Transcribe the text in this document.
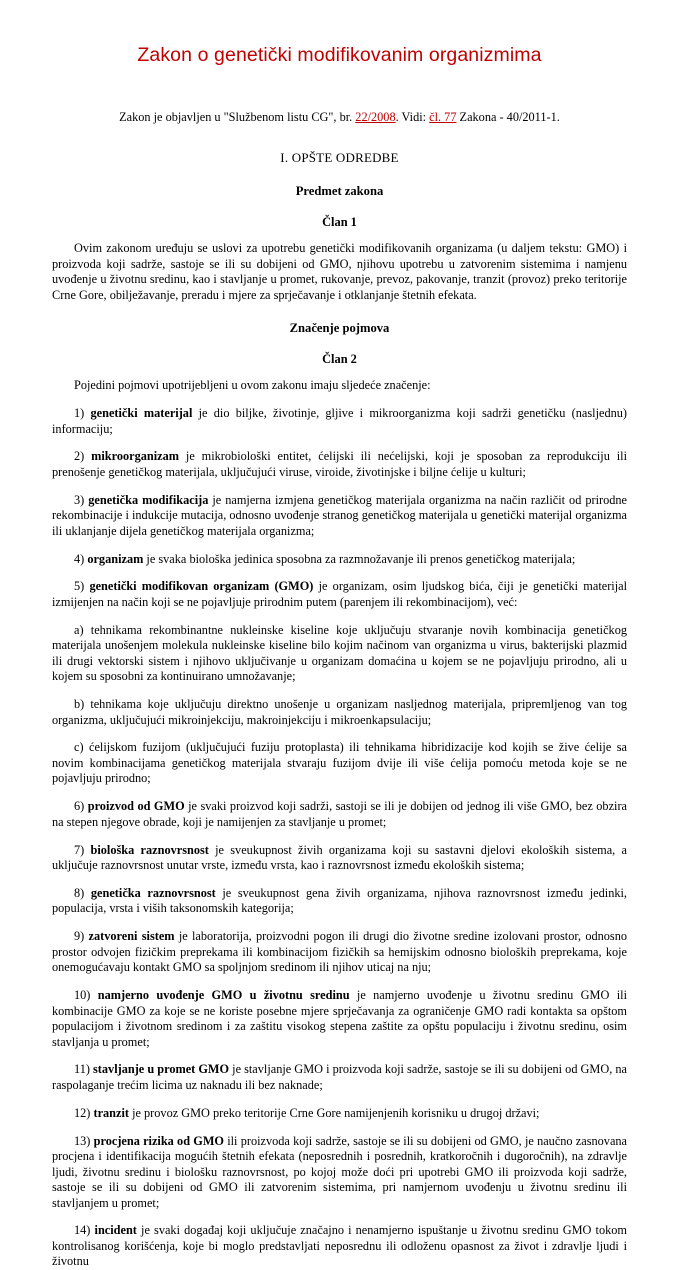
Zakon o genetički modifikovanim organizmima
Zakon je objavljen u "Službenom listu CG", br. 22/2008. Vidi: čl. 77 Zakona - 40/2011-1.
I. OPŠTE ODREDBE
Predmet zakona
Član 1

Ovim zakonom uređuju se uslovi za upotrebu genetički modifikovanih organizama (u daljem tekstu: GMO) i proizvoda koji sadrže, sastoje se ili su dobijeni od GMO, njihovu upotrebu u zatvorenim sistemima i namjenu uvođenje u životnu sredinu, kao i stavljanje u promet, rukovanje, prevoz, pakovanje, tranzit (provoz) preko teritorije Crne Gore, obilježavanje, preradu i mjere za sprječavanje i otklanjanje štetnih efekata.

Značenje pojmova
Član 2

Pojedini pojmovi upotrijebljeni u ovom zakonu imaju sljedeće značenje:

1) genetički materijal je dio biljke, životinje, gljive i mikroorganizma koji sadrži genetičku (nasljednu) informaciju;

2) mikroorganizam je mikrobiološki entitet, ćelijski ili nećelijski, koji je sposoban za reprodukciju ili prenošenje genetičkog materijala, uključujući viruse, viroide, životinjske i biljne ćelije u kulturi;

3) genetička modifikacija je namjerna izmjena genetičkog materijala organizma na način različit od prirodne rekombinacije i indukcije mutacija, odnosno uvođenje stranog genetičkog materijala u genetički materijal organizma ili uklanjanje dijela genetičkog materijala organizma;

4) organizam je svaka biološka jedinica sposobna za razmnožavanje ili prenos genetičkog materijala;

5) genetički modifikovan organizam (GMO) je organizam, osim ljudskog bića, čiji je genetički materijal izmijenjen na način koji se ne pojavljuje prirodnim putem (parenjem ili rekombinacijom), već:

a) tehnikama rekombinantne nukleinske kiseline koje uključuju stvaranje novih kombinacija genetičkog materijala unošenjem molekula nukleinske kiseline bilo kojim načinom van organizma u virus, bakterijski plazmid ili drugi vektorski sistem i njihovo uključivanje u organizam domaćina u kojem se ne pojavljuju prirodno, ali u kojem su sposobni za kontinuirano umnožavanje;

b) tehnikama koje uključuju direktno unošenje u organizam nasljednog materijala, pripremljenog van tog organizma, uključujući mikroinjekciju, makroinjekciju i mikroenkapsulaciju;

c) ćelijskom fuzijom (uključujući fuziju protoplasta) ili tehnikama hibridizacije kod kojih se žive ćelije sa novim kombinacijama genetičkog materijala stvaraju fuzijom dvije ili više ćelija pomoću metoda koje se ne pojavljuju prirodno;

6) proizvod od GMO je svaki proizvod koji sadrži, sastoji se ili je dobijen od jednog ili više GMO, bez obzira na stepen njegove obrade, koji je namijenjen za stavljanje u promet;

7) biološka raznovrsnost je sveukupnost živih organizama koji su sastavni djelovi ekoloških sistema, a uključuje raznovrsnost unutar vrste, između vrsta, kao i raznovrsnost između ekoloških sistema;

8) genetička raznovrsnost je sveukupnost gena živih organizama, njihova raznovrsnost između jedinki, populacija, vrsta i viših taksonomskih kategorija;

9) zatvoreni sistem je laboratorija, proizvodni pogon ili drugi dio životne sredine izolovani prostor, odnosno prostor odvojen fizičkim preprekama ili kombinacijom fizičkih sa hemijskim odnosno bioloških preprekama, koje onemogućavaju kontakt GMO sa spoljnjom sredinom ili njihov uticaj na nju;

10) namjerno uvođenje GMO u životnu sredinu je namjerno uvođenje u životnu sredinu GMO ili kombinacije GMO za koje se ne koriste posebne mjere sprječavanja za ograničenje GMO radi kontakta sa opštom populacijom i životnom sredinom i za zaštitu visokog stepena zaštite za opštu populaciju i životnu sredinu, osim stavljanja u promet;

11) stavljanje u promet GMO je stavljanje GMO i proizvoda koji sadrže, sastoje se ili su dobijeni od GMO, na raspolaganje trećim licima uz naknadu ili bez naknade;

12) tranzit je provoz GMO preko teritorije Crne Gore namijenjenih korisniku u drugoj državi;

13) procjena rizika od GMO ili proizvoda koji sadrže, sastoje se ili su dobijeni od GMO, je naučno zasnovana procjena i identifikacija mogućih štetnih efekata (neposrednih i posrednih, kratkoročnih i dugoročnih), na zdravlje ljudi, životnu sredinu i biološku raznovrsnost, po kojoj može doći pri upotrebi GMO ili proizvoda koji sadrže, sastoje se ili su dobijeni od GMO ili zatvorenim sistemima, pri namjernom uvođenju u životnu sredinu ili stavljanjem u promet;

14) incident je svaki događaj koji uključuje značajno i nenamjerno ispuštanje u životnu sredinu GMO tokom kontrolisanog korišćenja, koje bi moglo predstavljati neposrednu ili odloženu opasnost za život i zdravlje ljudi i životnu
